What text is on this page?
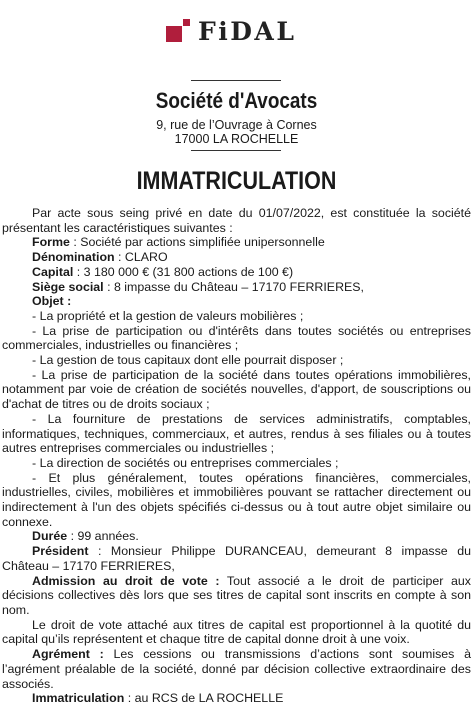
FiDAL
Société d'Avocats
9, rue de l’Ouvrage à Cornes
17000 LA ROCHELLE
IMMATRICULATION

Par acte sous seing privé en date du 01/07/2022, est constituée la société présentant les caractéristiques suivantes :

Forme : Société par actions simplifiée unipersonnelle

Dénomination : CLARO

Capital : 3 180 000 € (31 800 actions de 100 €)

Siège social : 8 impasse du Château – 17170 FERRIERES,

Objet :

- La propriété et la gestion de valeurs mobilières ;

- La prise de participation ou d'intérêts dans toutes sociétés ou entreprises commerciales, industrielles ou financières ;

- La gestion de tous capitaux dont elle pourrait disposer ;

- La prise de participation de la société dans toutes opérations immobilières, notamment par voie de création de sociétés nouvelles, d'apport, de souscriptions ou d'achat de titres ou de droits sociaux ;

- La fourniture de prestations de services administratifs, comptables, informatiques, techniques, commerciaux, et autres, rendus à ses filiales ou à toutes autres entreprises commerciales ou industrielles ;

- La direction de sociétés ou entreprises commerciales ;

- Et plus généralement, toutes opérations financières, commerciales, industrielles, civiles, mobilières et immobilières pouvant se rattacher directement ou indirectement à l'un des objets spécifiés ci-dessus ou à tout autre objet similaire ou connexe.

Durée : 99 années.

Président : Monsieur Philippe DURANCEAU, demeurant 8 impasse du Château – 17170 FERRIERES,

Admission au droit de vote : Tout associé a le droit de participer aux décisions collectives dès lors que ses titres de capital sont inscrits en compte à son nom.

Le droit de vote attaché aux titres de capital est proportionnel à la quotité du capital qu’ils représentent et chaque titre de capital donne droit à une voix.

Agrément : Les cessions ou transmissions d’actions sont soumises à l’agrément préalable de la société, donné par décision collective extraordinaire des associés.

Immatriculation : au RCS de LA ROCHELLE
